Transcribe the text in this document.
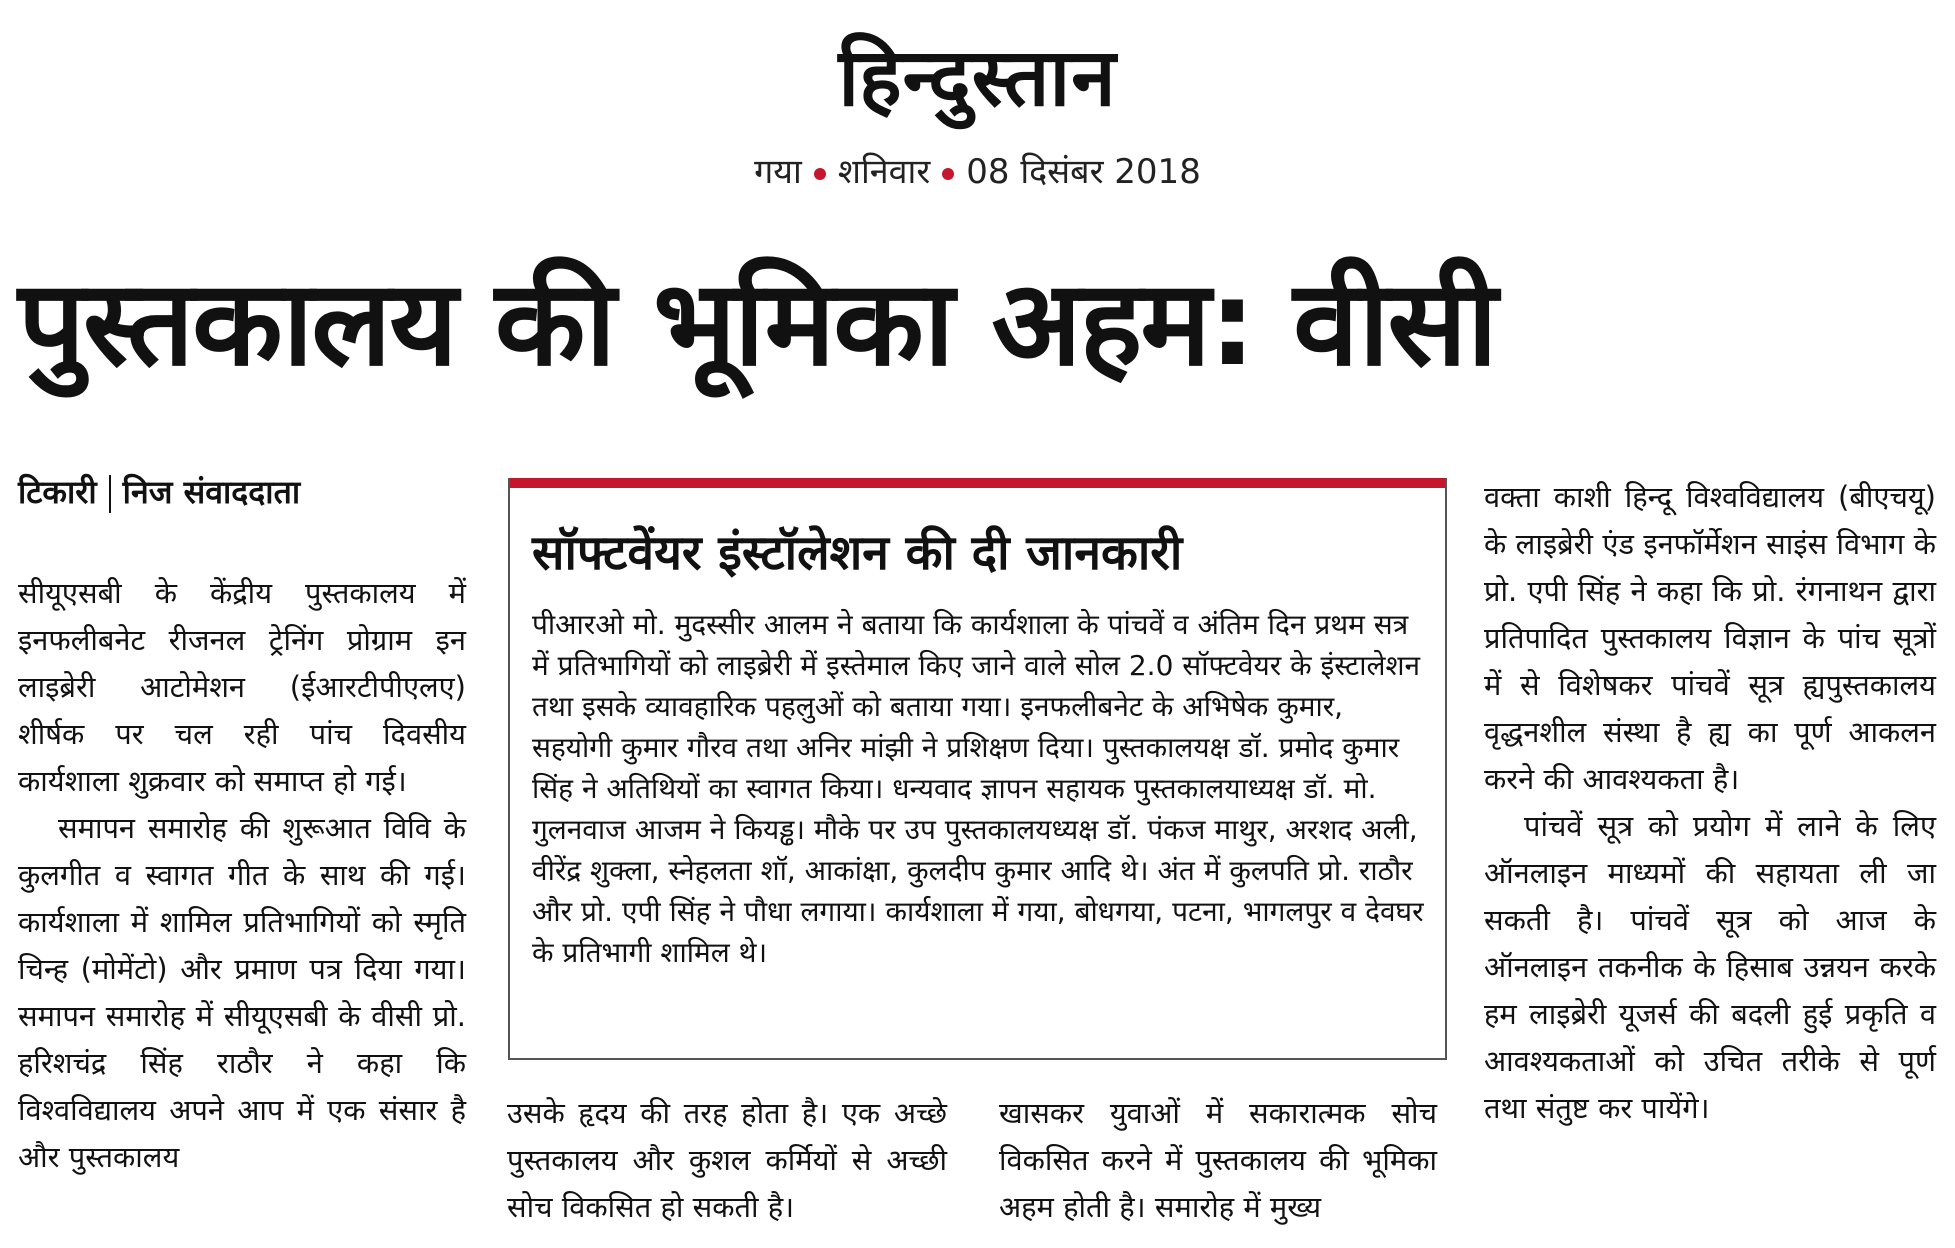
हिन्दुस्तान
गया शनिवार 08 दिसंबर 2018
पुस्तकालय की भूमिका अहम: वीसी
टिकारी निज संवाददाता

सीयूएसबी के केंद्रीय पुस्तकालय में इनफलीबनेट रीजनल ट्रेनिंग प्रोग्राम इन लाइब्रेरी आटोमेशन (ईआरटीपीएलए) शीर्षक पर चल रही पांच दिवसीय कार्यशाला शुक्रवार को समाप्त हो गई।

समापन समारोह की शुरूआत विवि के कुलगीत व स्वागत गीत के साथ की गई। कार्यशाला में शामिल प्रतिभागियों को स्मृति चिन्ह (मोमेंटो) और प्रमाण पत्र दिया गया। समापन समारोह में सीयूएसबी के वीसी प्रो. हरिशचंद्र सिंह राठौर ने कहा कि विश्वविद्यालय अपने आप में एक संसार है और पुस्तकालय

सॉफ्टवेंयर इंस्टॉलेशन की दी जानकारी
पीआरओ मो. मुदस्सीर आलम ने बताया कि कार्यशाला के पांचवें व अंतिम दिन प्रथम सत्र में प्रतिभागियों को लाइब्रेरी में इस्तेमाल किए जाने वाले सोल 2.0 सॉफ्टवेयर के इंस्टालेशन तथा इसके व्यावहारिक पहलुओं को बताया गया। इनफलीबनेट के अभिषेक कुमार, सहयोगी कुमार गौरव तथा अनिर मांझी ने प्रशिक्षण दिया। पुस्तकालयक्ष डॉ. प्रमोद कुमार सिंह ने अतिथियों का स्वागत किया। धन्यवाद ज्ञापन सहायक पुस्तकालयाध्यक्ष डॉ. मो. गुलनवाज आजम ने कियड्ढ। मौके पर उप पुस्तकालयध्यक्ष डॉ. पंकज माथुर, अरशद अली, वीरेंद्र शुक्ला, स्नेहलता शॉ, आकांक्षा, कुलदीप कुमार आदि थे। अंत में कुलपति प्रो. राठौर और प्रो. एपी सिंह ने पौधा लगाया। कार्यशाला में गया, बोधगया, पटना, भागलपुर व देवघर के प्रतिभागी शामिल थे।

उसके हृदय की तरह होता है। एक अच्छे पुस्तकालय और कुशल कर्मियों से अच्छी सोच विकसित हो सकती है।

खासकर युवाओं में सकारात्मक सोच विकसित करने में पुस्तकालय की भूमिका अहम होती है। समारोह में मुख्य

वक्ता काशी हिन्दू विश्वविद्यालय (बीएचयू) के लाइब्रेरी एंड इनफॉर्मेशन साइंस विभाग के प्रो. एपी सिंह ने कहा कि प्रो. रंगनाथन द्वारा प्रतिपादित पुस्तकालय विज्ञान के पांच सूत्रों में से विशेषकर पांचवें सूत्र ह्यपुस्तकालय वृद्धनशील संस्था है ह्य का पूर्ण आकलन करने की आवश्यकता है।

पांचवें सूत्र को प्रयोग में लाने के लिए ऑनलाइन माध्यमों की सहायता ली जा सकती है। पांचवें सूत्र को आज के ऑनलाइन तकनीक के हिसाब उन्नयन करके हम लाइब्रेरी यूजर्स की बदली हुई प्रकृति व आवश्यकताओं को उचित तरीके से पूर्ण तथा संतुष्ट कर पायेंगे।
